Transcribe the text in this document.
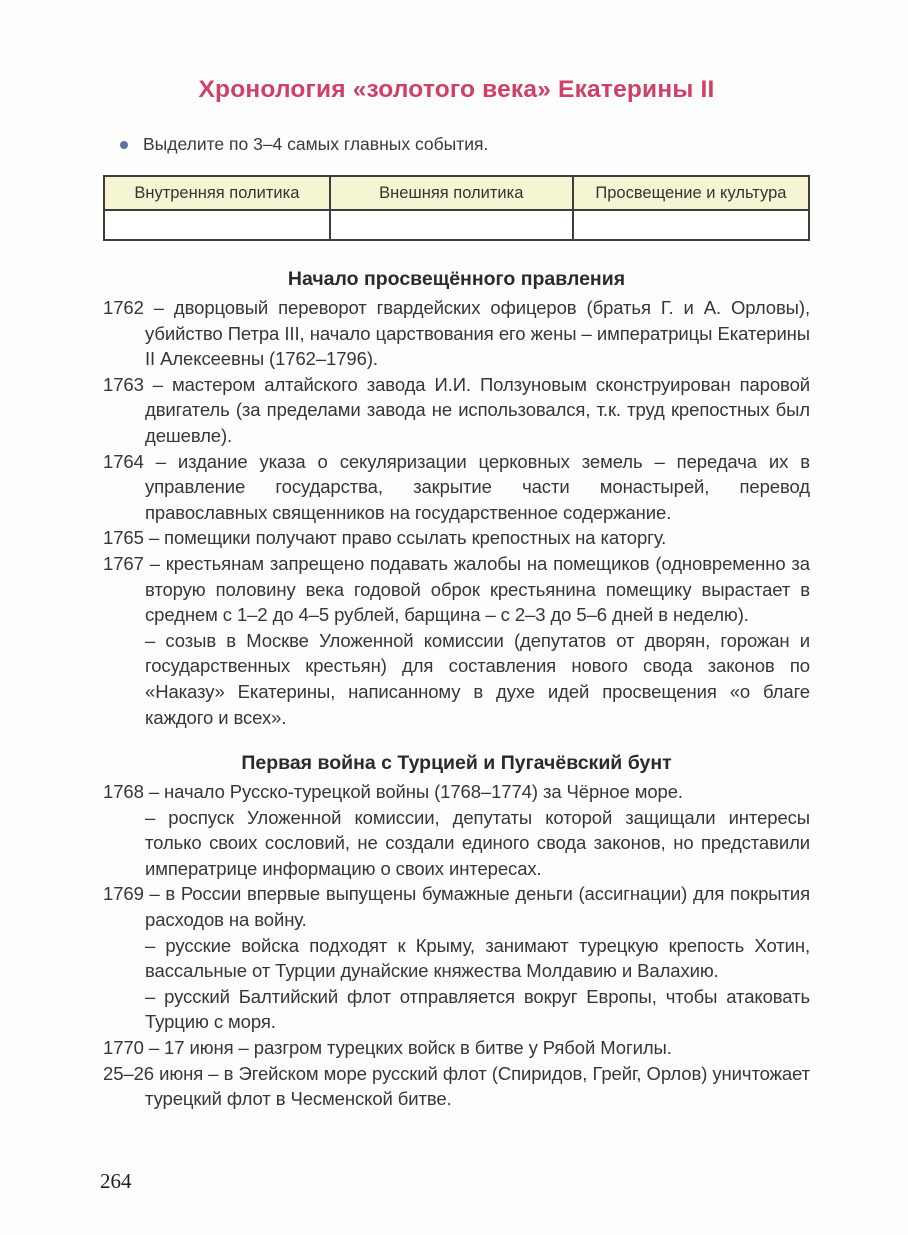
Хронология «золотого века» Екатерины II
Выделите по 3–4 самых главных события.
Внутренняя политика	Внешняя политика	Просвещение и культура

Начало просвещённого правления

1762 – дворцовый переворот гвардейских офицеров (братья Г. и А. Орловы), убийство Петра III, начало царствования его жены – императрицы Екатерины II Алексеевны (1762–1796).

1763 – мастером алтайского завода И.И. Ползуновым сконструирован паровой двигатель (за пределами завода не использовался, т.к. труд крепостных был дешевле).

1764 – издание указа о секуляризации церковных земель – передача их в управление государства, закрытие части монастырей, перевод православных священников на государственное содержание.

1765 – помещики получают право ссылать крепостных на каторгу.

1767 – крестьянам запрещено подавать жалобы на помещиков (одновременно за вторую половину века годовой оброк крестьянина помещику вырастает в среднем с 1–2 до 4–5 рублей, барщина – с 2–3 до 5–6 дней в неделю).

– созыв в Москве Уложенной комиссии (депутатов от дворян, горожан и государственных крестьян) для составления нового свода законов по «Наказу» Екатерины, написанному в духе идей просвещения «о благе каждого и всех».

Первая война с Турцией и Пугачёвский бунт

1768 – начало Русско-турецкой войны (1768–1774) за Чёрное море.

– роспуск Уложенной комиссии, депутаты которой защищали интересы только своих сословий, не создали единого свода законов, но представили императрице информацию о своих интересах.

1769 – в России впервые выпущены бумажные деньги (ассигнации) для покрытия расходов на войну.

– русские войска подходят к Крыму, занимают турецкую крепость Хотин, вассальные от Турции дунайские княжества Молдавию и Валахию.

– русский Балтийский флот отправляется вокруг Европы, чтобы атаковать Турцию с моря.

1770 – 17 июня – разгром турецких войск в битве у Рябой Могилы.

25–26 июня – в Эгейском море русский флот (Спиридов, Грейг, Орлов) уничтожает турецкий флот в Чесменской битве.

264
